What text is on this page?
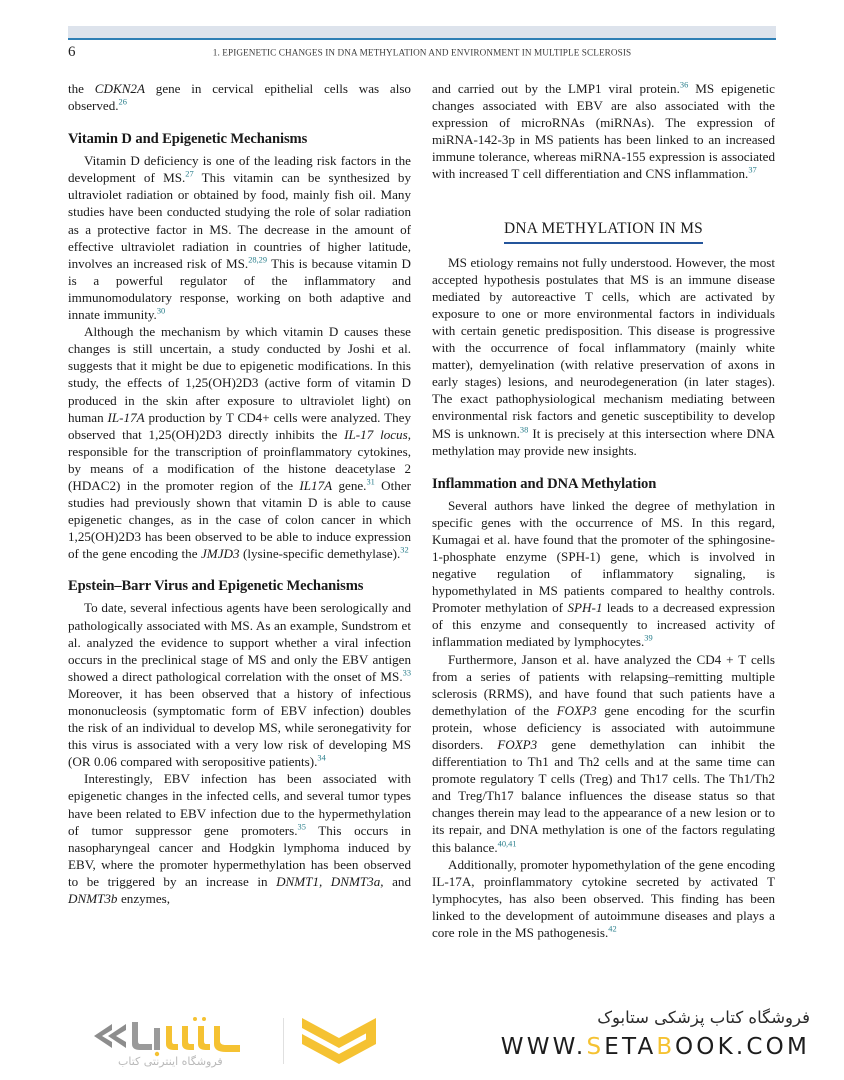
6	1. EPIGENETIC CHANGES IN DNA METHYLATION AND ENVIRONMENT IN MULTIPLE SCLEROSIS

the CDKN2A gene in cervical epithelial cells was also observed.$^{26}$

Vitamin D and Epigenetic Mechanisms

Vitamin D deficiency is one of the leading risk factors in the development of MS.$^{27}$ This vitamin can be synthesized by ultraviolet radiation or obtained by food, mainly fish oil. Many studies have been conducted studying the role of solar radiation as a protective factor in MS. The decrease in the amount of effective ultraviolet radiation in countries of higher latitude, involves an increased risk of MS.$^{28,29}$ This is because vitamin D is a powerful regulator of the inflammatory and immunomodulatory response, working on both adaptive and innate immunity.$^{30}$

Although the mechanism by which vitamin D causes these changes is still uncertain, a study conducted by Joshi et al. suggests that it might be due to epigenetic modifications. In this study, the effects of 1,25(OH)2D3 (active form of vitamin D produced in the skin after exposure to ultraviolet light) on human IL-17A production by T CD4+ cells were analyzed. They observed that 1,25(OH)2D3 directly inhibits the IL-17 locus, responsible for the transcription of proinflammatory cytokines, by means of a modification of the histone deacetylase 2 (HDAC2) in the promoter region of the IL17A gene.$^{31}$ Other studies had previously shown that vitamin D is able to cause epigenetic changes, as in the case of colon cancer in which 1,25(OH)2D3 has been observed to be able to induce expression of the gene encoding the JMJD3 (lysine-specific demethylase).$^{32}$

Epstein–Barr Virus and Epigenetic Mechanisms

To date, several infectious agents have been serologically and pathologically associated with MS. As an example, Sundstrom et al. analyzed the evidence to support whether a viral infection occurs in the preclinical stage of MS and only the EBV antigen showed a direct pathological correlation with the onset of MS.$^{33}$ Moreover, it has been observed that a history of infectious mononucleosis (symptomatic form of EBV infection) doubles the risk of an individual to develop MS, while seronegativity for this virus is associated with a very low risk of developing MS (OR 0.06 compared with seropositive patients).$^{34}$

Interestingly, EBV infection has been associated with epigenetic changes in the infected cells, and several tumor types have been related to EBV infection due to the hypermethylation of tumor suppressor gene promoters.$^{35}$ This occurs in nasopharyngeal cancer and Hodgkin lymphoma induced by EBV, where the promoter hypermethylation has been observed to be triggered by an increase in DNMT1, DNMT3a, and DNMT3b enzymes,

and carried out by the LMP1 viral protein.$^{36}$ MS epigenetic changes associated with EBV are also associated with the expression of microRNAs (miRNAs). The expression of miRNA-142-3p in MS patients has been linked to an increased immune tolerance, whereas miRNA-155 expression is associated with increased T cell differentiation and CNS inflammation.$^{37}$

DNA METHYLATION IN MS

MS etiology remains not fully understood. However, the most accepted hypothesis postulates that MS is an immune disease mediated by autoreactive T cells, which are activated by exposure to one or more environmental factors in individuals with certain genetic predisposition. This disease is progressive with the occurrence of focal inflammatory (mainly white matter), demyelination (with relative preservation of axons in early stages) lesions, and neurodegeneration (in later stages). The exact pathophysiological mechanism mediating between environmental risk factors and genetic susceptibility to develop MS is unknown.$^{38}$ It is precisely at this intersection where DNA methylation may provide new insights.

Inflammation and DNA Methylation

Several authors have linked the degree of methylation in specific genes with the occurrence of MS. In this regard, Kumagai et al. have found that the promoter of the sphingosine-1-phosphate enzyme (SPH-1) gene, which is involved in negative regulation of inflammatory signaling, is hypomethylated in MS patients compared to healthy controls. Promoter methylation of SPH-1 leads to a decreased expression of this enzyme and consequently to increased activity of inflammation mediated by lymphocytes.$^{39}$

Furthermore, Janson et al. have analyzed the CD4 + T cells from a series of patients with relapsing–remitting multiple sclerosis (RRMS), and have found that such patients have a demethylation of the FOXP3 gene encoding for the scurfin protein, whose deficiency is associated with autoimmune disorders. FOXP3 gene demethylation can inhibit the differentiation to Th1 and Th2 cells and at the same time can promote regulatory T cells (Treg) and Th17 cells. The Th1/Th2 and Treg/Th17 balance influences the disease status so that changes therein may lead to the appearance of a new lesion or to its repair, and DNA methylation is one of the factors regulating this balance.$^{40,41}$

Additionally, promoter hypomethylation of the gene encoding IL-17A, proinflammatory cytokine secreted by activated T lymphocytes, has also been observed. This finding has been linked to the development of autoimmune diseases and plays a core role in the MS pathogenesis.$^{42}$

فروشگاه اینترنتی کتاب
فروشگاه کتاب پزشکی ستابوک
WWW.SETABOOK.COM
